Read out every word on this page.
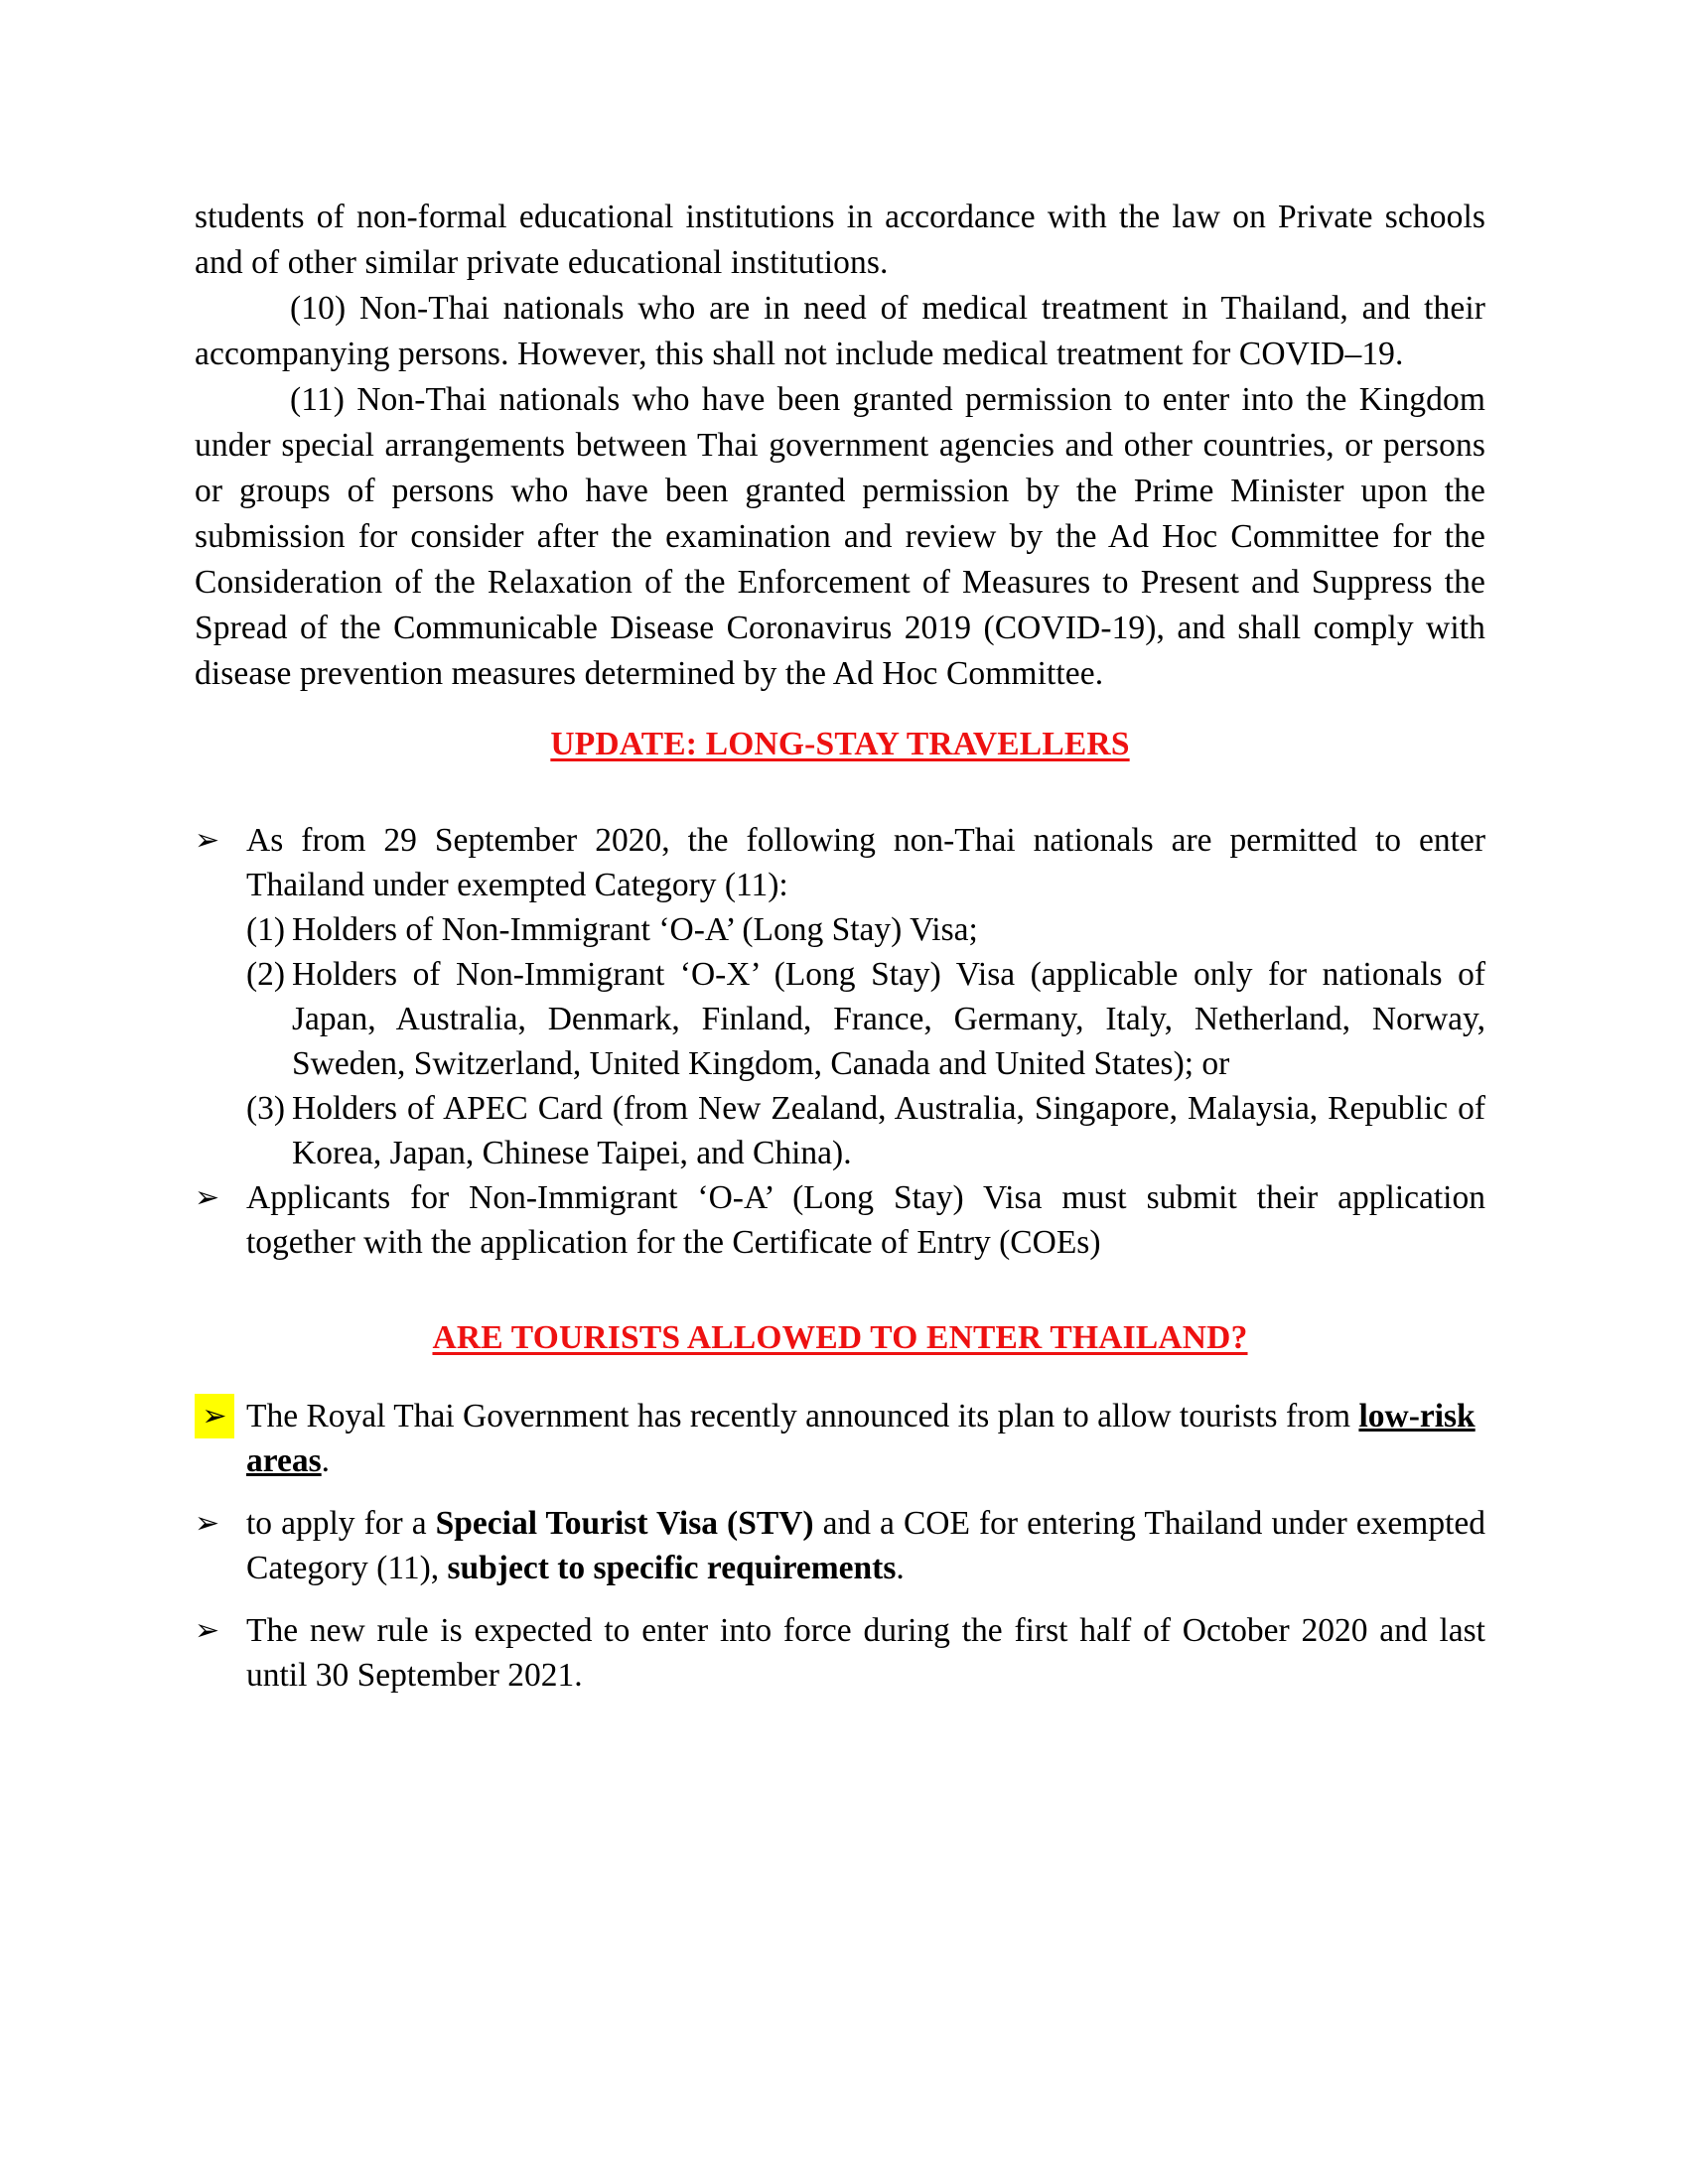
students of non-formal educational institutions in accordance with the law on Private schools and of other similar private educational institutions.

(10) Non-Thai nationals who are in need of medical treatment in Thailand, and their accompanying persons. However, this shall not include medical treatment for COVID–19.

(11) Non-Thai nationals who have been granted permission to enter into the Kingdom under special arrangements between Thai government agencies and other countries, or persons or groups of persons who have been granted permission by the Prime Minister upon the submission for consider after the examination and review by the Ad Hoc Committee for the Consideration of the Relaxation of the Enforcement of Measures to Present and Suppress the Spread of the Communicable Disease Coronavirus 2019 (COVID-19), and shall comply with disease prevention measures determined by the Ad Hoc Committee.

UPDATE: LONG-STAY TRAVELLERS
➢ As from 29 September 2020, the following non-Thai nationals are permitted to enter Thailand under exempted Category (11):
(1) Holders of Non-Immigrant ‘O-A’ (Long Stay) Visa;
(2) Holders of Non-Immigrant ‘O-X’ (Long Stay) Visa (applicable only for nationals of Japan, Australia, Denmark, Finland, France, Germany, Italy, Netherland, Norway, Sweden, Switzerland, United Kingdom, Canada and United States); or
(3) Holders of APEC Card (from New Zealand, Australia, Singapore, Malaysia, Republic of Korea, Japan, Chinese Taipei, and China).
➢ Applicants for Non-Immigrant ‘O-A’ (Long Stay) Visa must submit their application together with the application for the Certificate of Entry (COEs)
ARE TOURISTS ALLOWED TO ENTER THAILAND?
➢ The Royal Thai Government has recently announced its plan to allow tourists from low-risk areas.
➢ to apply for a Special Tourist Visa (STV) and a COE for entering Thailand under exempted Category (11), subject to specific requirements.
➢ The new rule is expected to enter into force during the first half of October 2020 and last until 30 September 2021.
